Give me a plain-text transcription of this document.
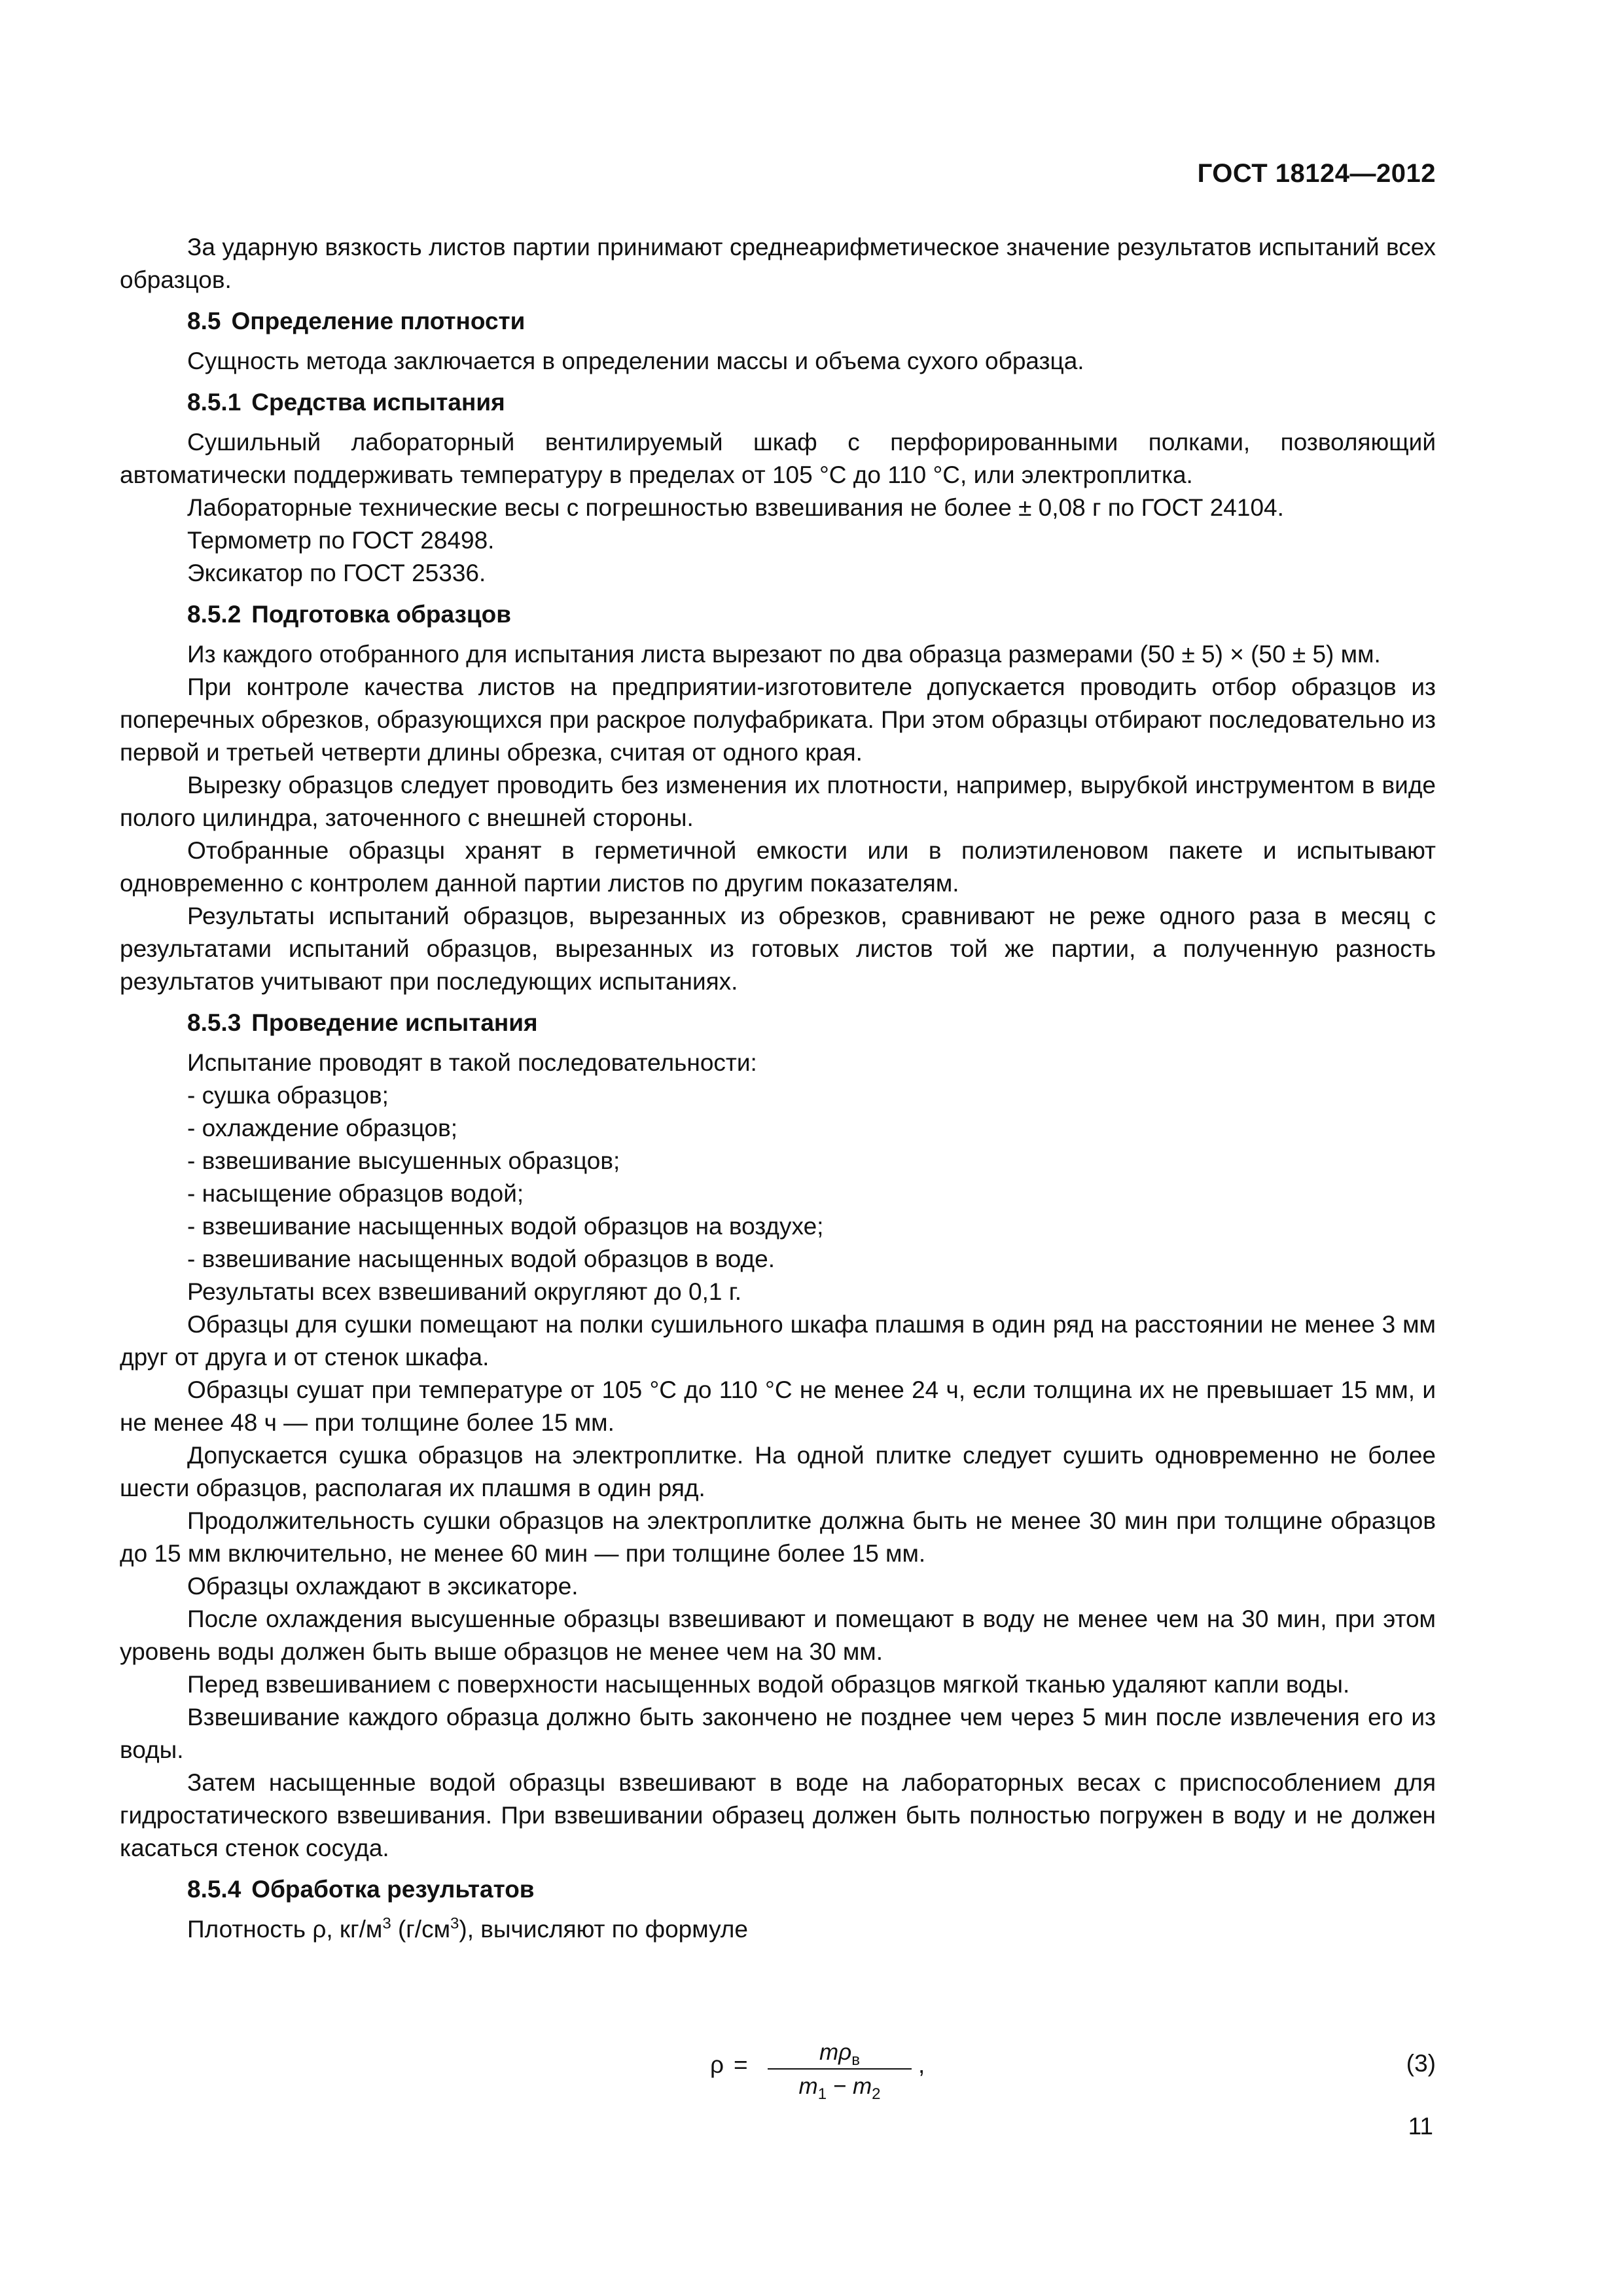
ГОСТ 18124—2012

За ударную вязкость листов партии принимают среднеарифметическое значение результатов испытаний всех образцов.

8.5 Определение плотности

Сущность метода заключается в определении массы и объема сухого образца.

8.5.1 Средства испытания

Сушильный лабораторный вентилируемый шкаф с перфорированными полками, позволяющий автоматически поддерживать температуру в пределах от 105 °С до 110 °С, или электроплитка.

Лабораторные технические весы с погрешностью взвешивания не более ± 0,08 г по ГОСТ 24104.

Термометр по ГОСТ 28498.

Эксикатор по ГОСТ 25336.

8.5.2 Подготовка образцов

Из каждого отобранного для испытания листа вырезают по два образца размерами (50 ± 5) × (50 ± 5) мм.

При контроле качества листов на предприятии-изготовителе допускается проводить отбор образцов из поперечных обрезков, образующихся при раскрое полуфабриката. При этом образцы отбирают последовательно из первой и третьей четверти длины обрезка, считая от одного края.

Вырезку образцов следует проводить без изменения их плотности, например, вырубкой инструментом в виде полого цилиндра, заточенного с внешней стороны.

Отобранные образцы хранят в герметичной емкости или в полиэтиленовом пакете и испытывают одновременно с контролем данной партии листов по другим показателям.

Результаты испытаний образцов, вырезанных из обрезков, сравнивают не реже одного раза в месяц с результатами испытаний образцов, вырезанных из готовых листов той же партии, а полученную разность результатов учитывают при последующих испытаниях.

8.5.3 Проведение испытания

Испытание проводят в такой последовательности:

- сушка образцов;

- охлаждение образцов;

- взвешивание высушенных образцов;

- насыщение образцов водой;

- взвешивание насыщенных водой образцов на воздухе;

- взвешивание насыщенных водой образцов в воде.

Результаты всех взвешиваний округляют до 0,1 г.

Образцы для сушки помещают на полки сушильного шкафа плашмя в один ряд на расстоянии не менее 3 мм друг от друга и от стенок шкафа.

Образцы сушат при температуре от 105 °С до 110 °С не менее 24 ч, если толщина их не превышает 15 мм, и не менее 48 ч — при толщине более 15 мм.

Допускается сушка образцов на электроплитке. На одной плитке следует сушить одновременно не более шести образцов, располагая их плашмя в один ряд.

Продолжительность сушки образцов на электроплитке должна быть не менее 30 мин при толщине образцов до 15 мм включительно, не менее 60 мин — при толщине более 15 мм.

Образцы охлаждают в эксикаторе.

После охлаждения высушенные образцы взвешивают и помещают в воду не менее чем на 30 мин, при этом уровень воды должен быть выше образцов не менее чем на 30 мм.

Перед взвешиванием с поверхности насыщенных водой образцов мягкой тканью удаляют капли воды.

Взвешивание каждого образца должно быть закончено не позднее чем через 5 мин после извлечения его из воды.

Затем насыщенные водой образцы взвешивают в воде на лабораторных весах с приспособлением для гидростатического взвешивания. При взвешивании образец должен быть полностью погружен в воду и не должен касаться стенок сосуда.

8.5.4 Обработка результатов

Плотность ρ, $кг/м^3$ $(г/см^3)$, вычисляют по формуле

ρ =	$m\rho_в$
$m_1 - m_2$
,	(3)
11
